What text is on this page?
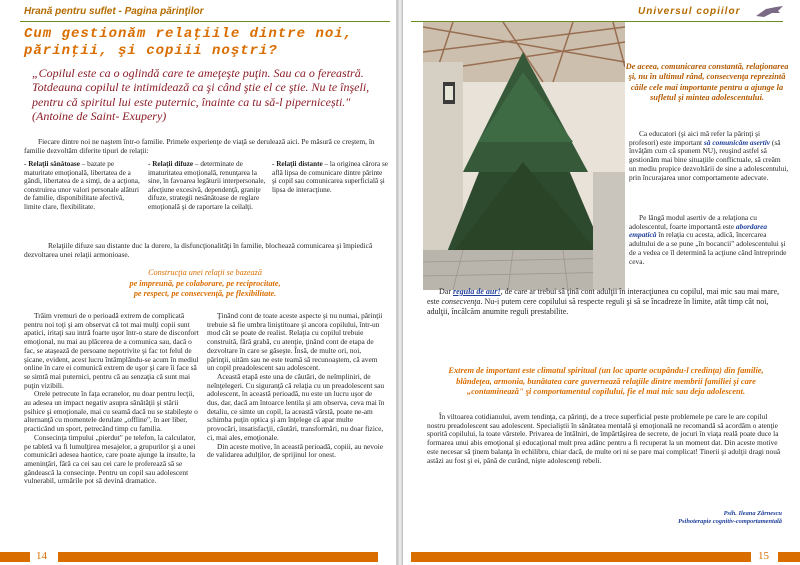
Hrană pentru suflet - Pagina părinţilor
Cum gestionăm relaţiile dintre noi,
părinţii, şi copiii noştri?
„Copilul este ca o oglindă care te ameţeşte puţin. Sau ca o fereastră. Totdeauna copilul te intimidează ca şi când ştie el ce ştie. Nu te înşeli, pentru că spiritul lui este puternic, înainte ca tu să-l pipernicești." (Antoine de Saint- Exupery)
Fiecare dintre noi ne naştem într-o familie. Primele experienţe de viaţă se derulează aici. Pe măsură ce creştem, în familie dezvoltăm diferite tipuri de relaţii:
- Relaţii sănătoase – bazate pe maturitate emoţională, libertatea de a gândi, libertatea de a simţi, de a acţiona, construirea unor valori personale alături de familie, disponibilitate afectivă, limite clare, flexibilitate.
- Relaţii difuze – determinate de imaturitatea emoţională, renunţarea la sine, în favoarea legăturii interpersonale, afecţiune excesivă, dependenţă, graniţe difuze, strategii nesănătoase de reglare emoţională şi de raportare la ceilalţi.
- Relaţii distante – la originea cărora se află lipsa de comunicare dintre părinte şi copil sau comunicarea superficială şi lipsa de interacţiune.
Relaţiile difuze sau distante duc la durere, la disfuncţionalităţi în familie, blochează comunicarea şi împiedică dezvoltarea unei relaţii armonioase.
Construcţia unei relaţii se bazează
pe împreună, pe colaborare, pe reciprocitate,
pe respect, pe consecvenţă, pe flexibilitate.
Trăim vremuri de o perioadă extrem de complicată pentru noi toţi şi am observat că tot mai mulţi copii sunt apatici, iritaţi sau intră foarte uşor într-o stare de disconfort emoţional, nu mai au plăcerea de a comunica sau, dacă o fac, se ataşează de persoane nepotrivite şi fac tot felul de şicane, evident, acest lucru întâmplându-se acum în mediul online în care ei comunică extrem de uşor şi care îi face să se simtă mai puternici, pentru că au senzaţia că sunt mai puţin vizibili.
Orele petrecute în faţa ecranelor, nu doar pentru lecţii, au adesea un impact negativ asupra sănătăţii şi stării psihice şi emoţionale, mai cu seamă dacă nu se stabileşte o alternanţă cu momentele derulate „offline", în aer liber, practicând un sport, petrecând timp cu familia.
Consecinţa timpului „pierdut" pe telefon, la calculator, pe tabletă va fi lumulţirea mesajelor, a grupurilor şi a unei comunicări adesea haotice, care poate ajunge la insulte, la ameninţări, fără ca cei sau cei care le proferează să se gândească la consecinţe. Pentru un copil sau adolescent vulnerabil, urmările pot să devină dramatice.
Ţinând cont de toate aceste aspecte şi nu numai, părinţii trebuie să fie umbra liniştitoare şi ancora copilului, într-un mod cât se poate de realist. Relaţia cu copilul trebuie construită, fără grabă, cu atenţie, ţinând cont de etapa de dezvoltare în care se găseşte. Însă, de multe ori, noi, părinţii, uităm sau ne este teamă să recunoaştem, că avem un copil preadolescent sau adolescent.
Această etapă este una de căutări, de neîmpliniri, de neînţelegeri. Cu siguranţă că relaţia cu un preadolescent sau adolescent, în această perioadă, nu este un lucru uşor de dus, dar, dacă am întoarce lentila şi am observa, ceva mai în detaliu, ce simte un copil, la această vârstă, poate ne-am schimba puţin optica şi am înţelege că apar multe provocări, insatisfacţii, căutări, transformări, nu doar fizice, ci, mai ales, emoţionale.
Din aceste motive, în această perioadă, copiii, au nevoie de validarea adulţilor, de sprijinul lor onest.
14
Universul copiilor
De aceea, comunicarea constantă, relaţionarea şi, nu în ultimul rând, consecvenţa reprezintă căile cele mai importante pentru a ajunge la sufletul şi mintea adolescentului.
Ca educatori (şi aici mă refer la părinţi şi profesori) este important să comunicăm asertiv (să învăţăm cum că spunem NU), reuşind astfel să gestionăm mai bine situaţiile conflictuale, să creăm un mediu propice dezvoltării de sine a adolescentului, prin încurajarea unor comportamente adecvate.
Pe lângă modul asertiv de a relaţiona cu adolescentul, foarte importantă este abordarea empatică în relaţia cu acesta, adică, încercarea adultului de a se pune „în bocancii" adolescentului şi de a vedea ce îl determină la acţiune când întreprinde ceva.
Dar regula de aur!, de care ar trebui să ţină cont adulţii în interacţiunea cu copilul, mai mic sau mai mare, este consecvenţa. Nu-i putem cere copilului să respecte reguli şi să se încadreze în limite, atât timp cât noi, adulţii, încălcăm anumite reguli prestabilite.
Extrem de important este climatul spiritual (un loc aparte ocupându-l credinţa) din familie, blândeţea, armonia, bunătatea care guvernează relaţiile dintre membrii familiei şi care „contaminează" şi comportamentul copilului, fie el mai mic sau deja adolescent.
În viltoarea cotidianului, avem tendinţa, ca părinţi, de a trece superficial peste problemele pe care le are copilul nostru preadolescent sau adolescent. Specialiştii în sănătatea mentală şi emoţională ne recomandă să acordăm o atenţie sporită copilului, la toate vârstele. Privarea de întâlniri, de împărtăşirea de secrete, de jocuri în viaţa reală poate duce la formarea unui abis emoţional şi educaţional mult prea adânc pentru a fi recuperat la un moment dat. Din aceste motive este necesar să ţinem balanţa în echilibru, chiar dacă, de multe ori ni se pare mai complicat! Tinerii şi adulţii dragi nouă astăzi au fost şi ei, până de curând, nişte adolescenţi rebeli.
Psih. Ileana Zărnescu
Psihoterapie cognitiv-comportamentală
15
